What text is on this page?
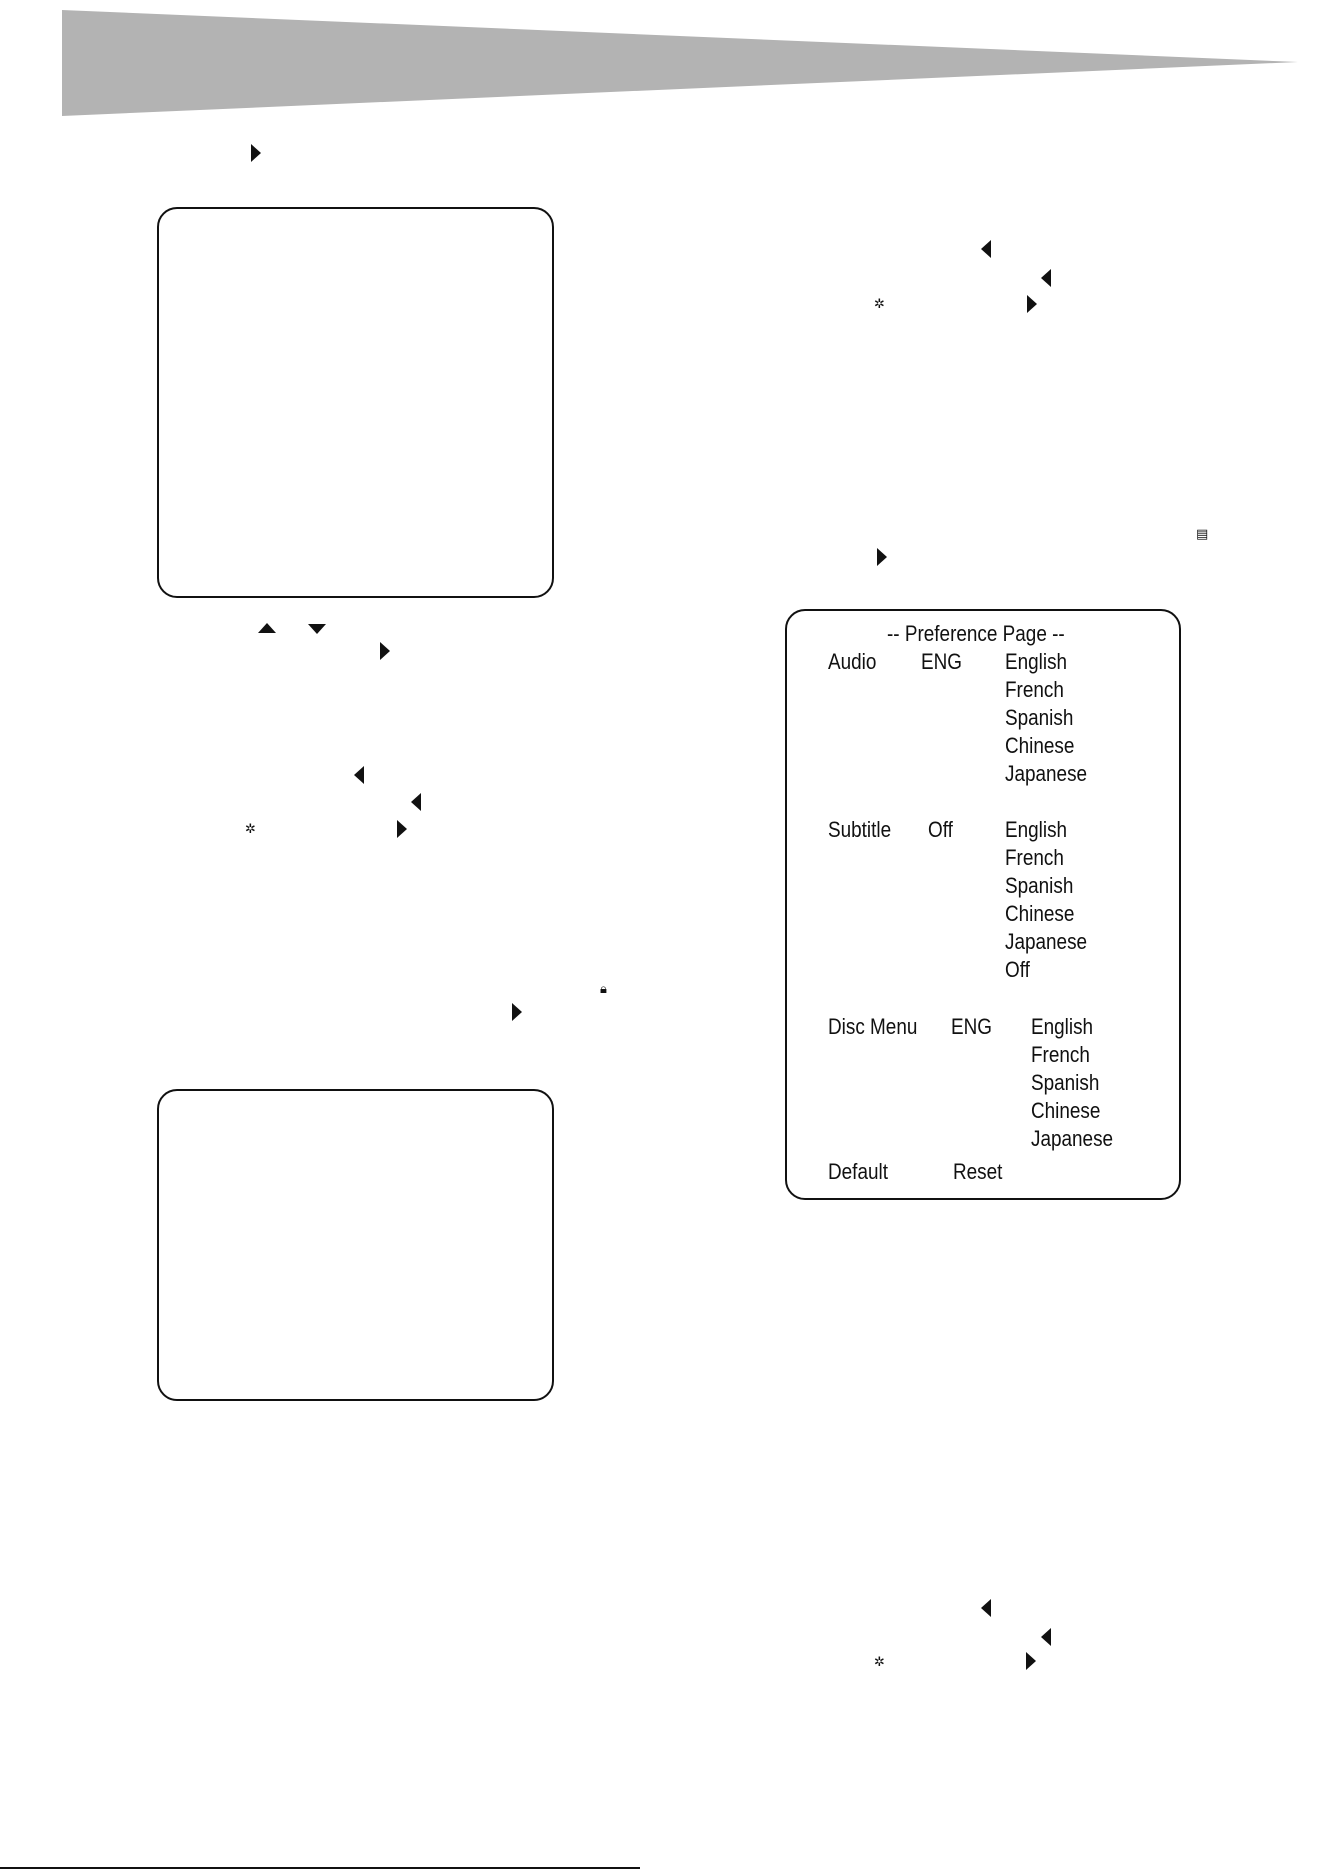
✲
🔒︎
✲
▤
-- Preference Page --
Audio ENG English
French
Spanish
Chinese
Japanese
Subtitle Off English
French
Spanish
Chinese
Japanese
Off
Disc Menu ENG English
French
Spanish
Chinese
Japanese
Default	Reset
✲
